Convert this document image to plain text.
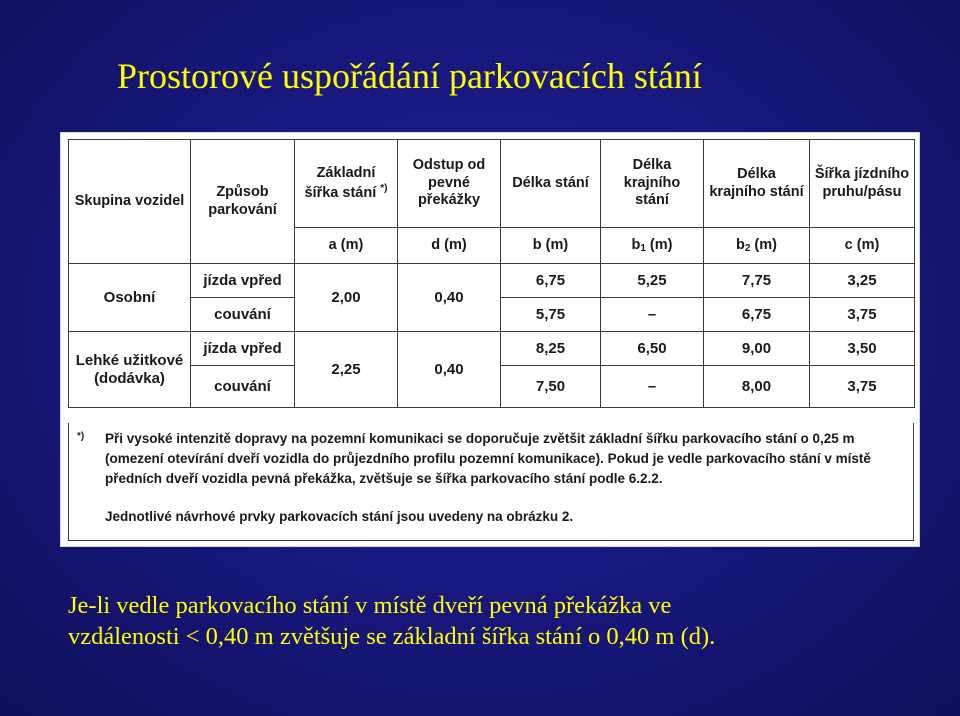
Prostorové uspořádání parkovacích stání
Skupina vozidel	Způsob parkování	Základní šířka stání *)	Odstup od pevné překážky	Délka stání	Délka krajního stání	Délka krajního stání	Šířka jízdního pruhu/pásu
		a (m)	d (m)	b (m)	$b_1$ (m)	$b_2$ (m)	c (m)
Osobní	jízda vpřed	2,00	0,40	6,75	5,25	7,75	3,25
	couvání			5,75	–	6,75	3,75
Lehké užitkové (dodávka)	jízda vpřed	2,25	0,40	8,25	6,50	9,00	3,50
	couvání			7,50	–	8,00	3,75
*) Při vysoké intenzitě dopravy na pozemní komunikaci se doporučuje zvětšit základní šířku parkovacího stání o 0,25 m

(omezení otevírání dveří vozidla do průjezdního profilu pozemní komunikace). Pokud je vedle parkovacího stání v místě

předních dveří vozidla pevná překážka, zvětšuje se šířka parkovacího stání podle 6.2.2.

Jednotlivé návrhové prvky parkovacích stání jsou uvedeny na obrázku 2.

Je-li vedle parkovacího stání v místě dveří pevná překážka ve
vzdálenosti < 0,40 m zvětšuje se základní šířka stání o 0,40 m (d).
